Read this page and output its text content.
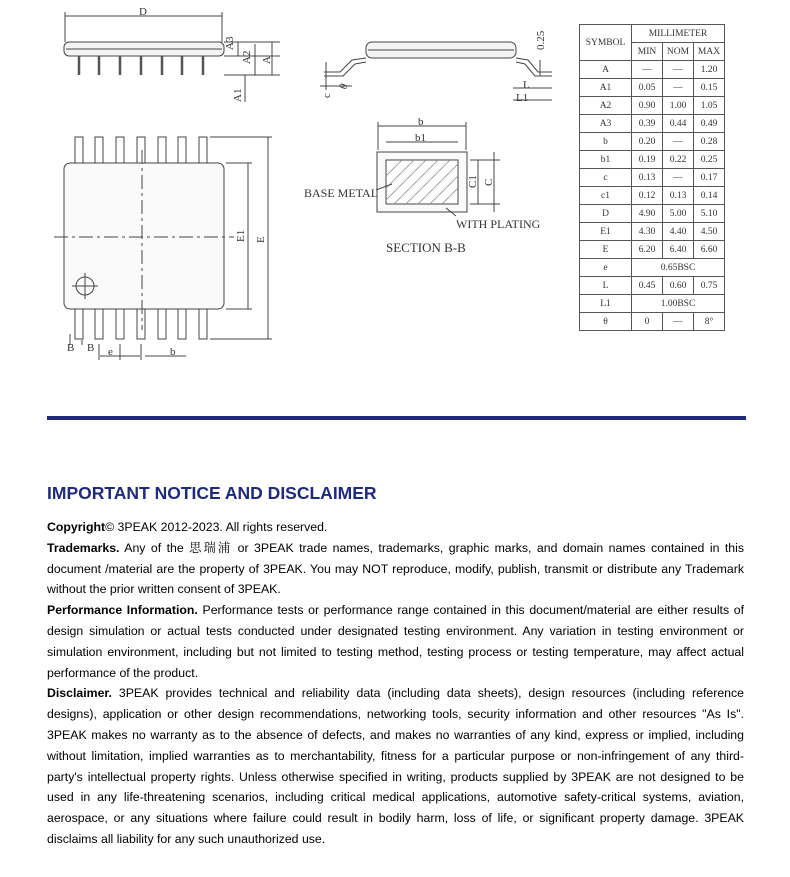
D
A3
A2 A
A1
0.25
c
θ	L
L1
b
b1
C1 C
BASE METAL
WITH PLATING
SECTION B-B
E1 E
B B e	b
SYMBOL	MILLIMETER		
	MIN	NOM	MAX
A	—	—	1.20
A1	0.05	—	0.15
A2	0.90	1.00	1.05
A3	0.39	0.44	0.49
b	0.20	—	0.28
b1	0.19	0.22	0.25
c	0.13	—	0.17
c1	0.12	0.13	0.14
D	4.90	5.00	5.10
E1	4.30	4.40	4.50
E	6.20	6.40	6.60
e	0.65BSC		
L	0.45	0.60	0.75
L1	1.00BSC		
θ	0	—	8°
IMPORTANT NOTICE AND DISCLAIMER

Copyright© 3PEAK 2012-2023. All rights reserved.

Trademarks. Any of the 思瑞浦 or 3PEAK trade names, trademarks, graphic marks, and domain names contained in this document /material are the property of 3PEAK. You may NOT reproduce, modify, publish, transmit or distribute any Trademark without the prior written consent of 3PEAK.

Performance Information. Performance tests or performance range contained in this document/material are either results of design simulation or actual tests conducted under designated testing environment. Any variation in testing environment or simulation environment, including but not limited to testing method, testing process or testing temperature, may affect actual performance of the product.

Disclaimer. 3PEAK provides technical and reliability data (including data sheets), design resources (including reference designs), application or other design recommendations, networking tools, security information and other resources "As Is". 3PEAK makes no warranty as to the absence of defects, and makes no warranties of any kind, express or implied, including without limitation, implied warranties as to merchantability, fitness for a particular purpose or non-infringement of any third-party's intellectual property rights. Unless otherwise specified in writing, products supplied by 3PEAK are not designed to be used in any life-threatening scenarios, including critical medical applications, automotive safety-critical systems, aviation, aerospace, or any situations where failure could result in bodily harm, loss of life, or significant property damage. 3PEAK disclaims all liability for any such unauthorized use.
